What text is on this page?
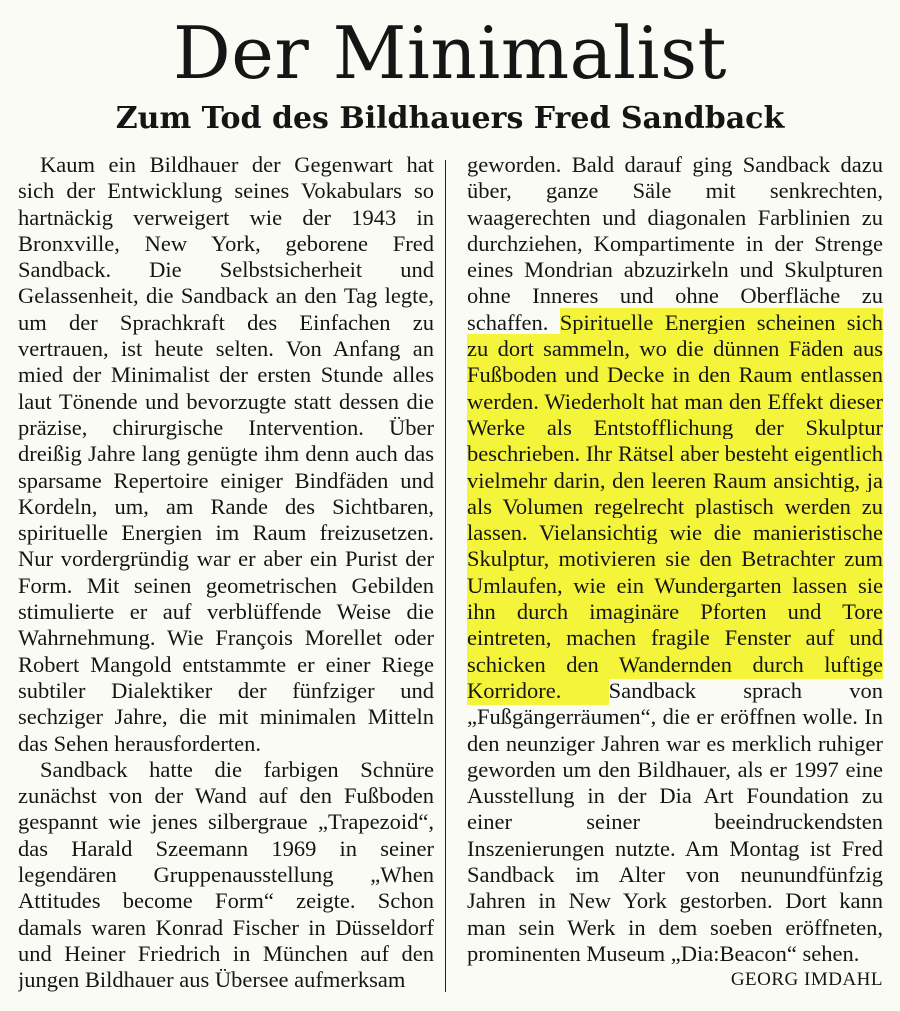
Der Minimalist
Zum Tod des Bildhauers Fred Sandback

Kaum ein Bildhauer der Gegenwart hat sich der Entwicklung seines Vokabulars so hartnäckig verweigert wie der 1943 in Bronxville, New York, geborene Fred Sandback. Die Selbstsicherheit und Gelassenheit, die Sandback an den Tag legte, um der Sprachkraft des Einfachen zu vertrauen, ist heute selten. Von Anfang an mied der Minimalist der ersten Stunde alles laut Tönende und bevorzugte statt dessen die präzise, chirurgische Intervention. Über dreißig Jahre lang genügte ihm denn auch das sparsame Repertoire einiger Bindfäden und Kordeln, um, am Rande des Sichtbaren, spirituelle Energien im Raum freizusetzen. Nur vordergründig war er aber ein Purist der Form. Mit seinen geometrischen Gebilden stimulierte er auf verblüffende Weise die Wahrnehmung. Wie François Morellet oder Robert Mangold entstammte er einer Riege subtiler Dialektiker der fünfziger und sechziger Jahre, die mit minimalen Mitteln das Sehen herausforderten.

Sandback hatte die farbigen Schnüre zunächst von der Wand auf den Fußboden gespannt wie jenes silbergraue „Trapezoid“, das Harald Szeemann 1969 in seiner legendären Gruppenausstellung „When Attitudes become Form“ zeigte. Schon damals waren Konrad Fischer in Düsseldorf und Heiner Friedrich in München auf den jungen Bildhauer aus Übersee aufmerksam

geworden. Bald darauf ging Sandback dazu über, ganze Säle mit senkrechten, waagerechten und diagonalen Farblinien zu durchziehen, Kompartimente in der Strenge eines Mondrian abzuzirkeln und Skulpturen ohne Inneres und ohne Oberfläche zu schaffen. Spirituelle Energien scheinen sich zu dort sammeln, wo die dünnen Fäden aus Fußboden und Decke in den Raum entlassen werden. Wiederholt hat man den Effekt dieser Werke als Entstofflichung der Skulptur beschrieben. Ihr Rätsel aber besteht eigentlich vielmehr darin, den leeren Raum ansichtig, ja als Volumen regelrecht plastisch werden zu lassen. Vielansichtig wie die manieristische Skulptur, motivieren sie den Betrachter zum Umlaufen, wie ein Wundergarten lassen sie ihn durch imaginäre Pforten und Tore eintreten, machen fragile Fenster auf und schicken den Wandernden durch luftige Korridore. Sandback sprach von „Fußgängerräumen“, die er eröffnen wolle. In den neunziger Jahren war es merklich ruhiger geworden um den Bildhauer, als er 1997 eine Ausstellung in der Dia Art Foundation zu einer seiner beeindruckendsten Inszenierungen nutzte. Am Montag ist Fred Sandback im Alter von neunundfünfzig Jahren in New York gestorben. Dort kann man sein Werk in dem soeben eröffneten, prominenten Museum „Dia:Beacon“ sehen.

GEORG IMDAHL
